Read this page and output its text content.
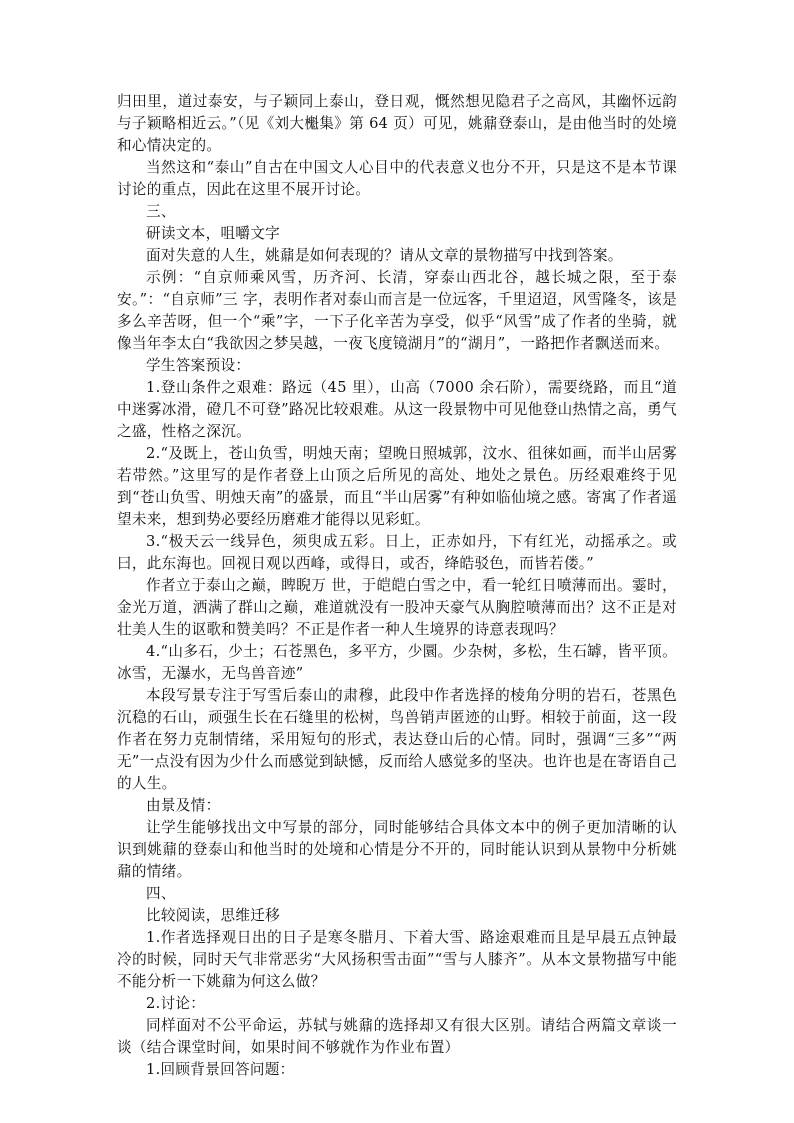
归田里，道过泰安，与子颖同上泰山，登日观，慨然想见隐君子之高风，其幽怀远韵与子颖略相近云。”（见《刘大櫆集》第 64 页）可见，姚鼐登泰山，是由他当时的处境和心情决定的。

当然这和“泰山”自古在中国文人心目中的代表意义也分不开，只是这不是本节课讨论的重点，因此在这里不展开讨论。

三、

研读文本，咀嚼文字

面对失意的人生，姚鼐是如何表现的？请从文章的景物描写中找到答案。

示例：“自京师乘风雪，历齐河、长清，穿泰山西北谷，越长城之限，至于泰安。”：“自京师”三 字，表明作者对泰山而言是一位远客，千里迢迢，风雪隆冬，该是多么辛苦呀，但一个“乘”字，一下子化辛苦为享受，似乎“风雪”成了作者的坐骑，就像当年李太白“我欲因之梦吴越，一夜飞度镜湖月”的“湖月”，一路把作者飘送而来。

学生答案预设：

1.登山条件之艰难：路远（45 里），山高（7000 余石阶），需要绕路，而且“道中迷雾冰滑，磴几不可登”路况比较艰难。从这一段景物中可见他登山热情之高，勇气之盛，性格之深沉。

2.“及既上，苍山负雪，明烛天南；望晚日照城郭，汶水、徂徕如画，而半山居雾若带然。”这里写的是作者登上山顶之后所见的高处、地处之景色。历经艰难终于见到“苍山负雪、明烛天南”的盛景，而且“半山居雾”有种如临仙境之感。寄寓了作者遥望未来，想到势必要经历磨难才能得以见彩虹。

3.“极天云一线异色，须臾成五彩。日上，正赤如丹，下有红光，动摇承之。或曰，此东海也。回视日观以西峰，或得日，或否，绛皓驳色，而皆若偻。”

作者立于泰山之巅，睥睨万 世，于皑皑白雪之中，看一轮红日喷薄而出。霎时，金光万道，洒满了群山之巅，难道就没有一股冲天豪气从胸腔喷薄而出？这不正是对壮美人生的讴歌和赞美吗？不正是作者一种人生境界的诗意表现吗？

4.“山多石，少土；石苍黑色，多平方，少圜。少杂树，多松，生石罅，皆平顶。冰雪，无瀑水，无鸟兽音迹”

本段写景专注于写雪后泰山的肃穆，此段中作者选择的棱角分明的岩石，苍黑色沉稳的石山，顽强生长在石缝里的松树，鸟兽销声匿迹的山野。相较于前面，这一段作者在努力克制情绪，采用短句的形式，表达登山后的心情。同时，强调“三多”“两无”一点没有因为少什么而感觉到缺憾，反而给人感觉多的坚决。也许也是在寄语自己的人生。

由景及情：

让学生能够找出文中写景的部分，同时能够结合具体文本中的例子更加清晰的认识到姚鼐的登泰山和他当时的处境和心情是分不开的，同时能认识到从景物中分析姚鼐的情绪。

四、

比较阅读，思维迁移

1.作者选择观日出的日子是寒冬腊月、下着大雪、路途艰难而且是早晨五点钟最冷的时候，同时天气非常恶劣“大风扬积雪击面”“雪与人膝齐”。从本文景物描写中能不能分析一下姚鼐为何这么做？

2.讨论：

同样面对不公平命运，苏轼与姚鼐的选择却又有很大区别。请结合两篇文章谈一谈（结合课堂时间，如果时间不够就作为作业布置）

1.回顾背景回答问题：
